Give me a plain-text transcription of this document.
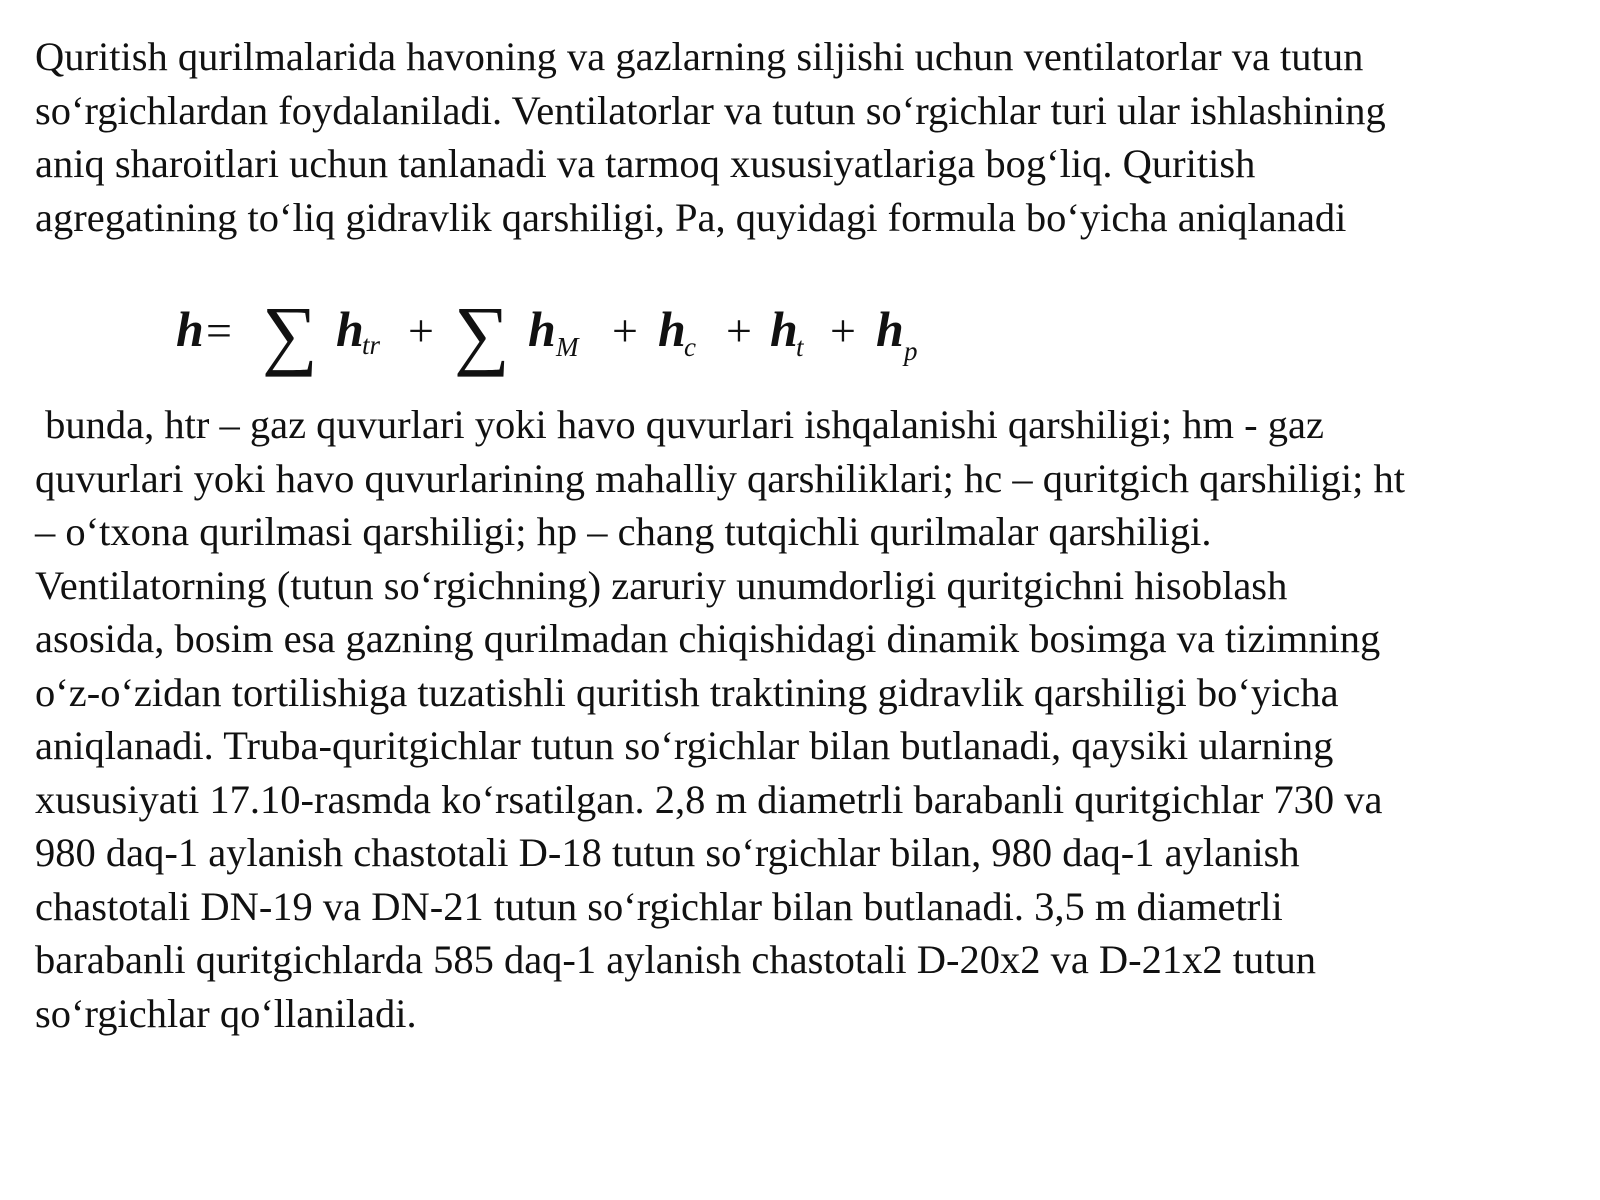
Quritish qurilmalarida havoning va gazlarning siljishi uchun ventilatorlar va tutun
so‘rgichlardan foydalaniladi. Ventilatorlar va tutun so‘rgichlar turi ular ishlashining
aniq sharoitlari uchun tanlanadi va tarmoq xususiyatlariga bog‘liq. Quritish
agregatining to‘liq gidravlik qarshiligi, Pa, quyidagi formula bo‘yicha aniqlanadi

h = ∑ h
tr + ∑ h M + h
c + h
t + h p

bunda, htr – gaz quvurlari yoki havo quvurlari ishqalanishi qarshiligi; hm - gaz
quvurlari yoki havo quvurlarining mahalliy qarshiliklari; hc – quritgich qarshiligi; ht
– o‘txona qurilmasi qarshiligi; hp – chang tutqichli qurilmalar qarshiligi.
Ventilatorning (tutun so‘rgichning) zaruriy unumdorligi quritgichni hisoblash
asosida, bosim esa gazning qurilmadan chiqishidagi dinamik bosimga va tizimning
o‘z-o‘zidan tortilishiga tuzatishli quritish traktining gidravlik qarshiligi bo‘yicha
aniqlanadi. Truba-quritgichlar tutun so‘rgichlar bilan butlanadi, qaysiki ularning
xususiyati 17.10-rasmda ko‘rsatilgan. 2,8 m diametrli barabanli quritgichlar 730 va
980 daq-1 aylanish chastotali D-18 tutun so‘rgichlar bilan, 980 daq-1 aylanish
chastotali DN-19 va DN-21 tutun so‘rgichlar bilan butlanadi. 3,5 m diametrli
barabanli quritgichlarda 585 daq-1 aylanish chastotali D-20x2 va D-21x2 tutun
so‘rgichlar qo‘llaniladi.
